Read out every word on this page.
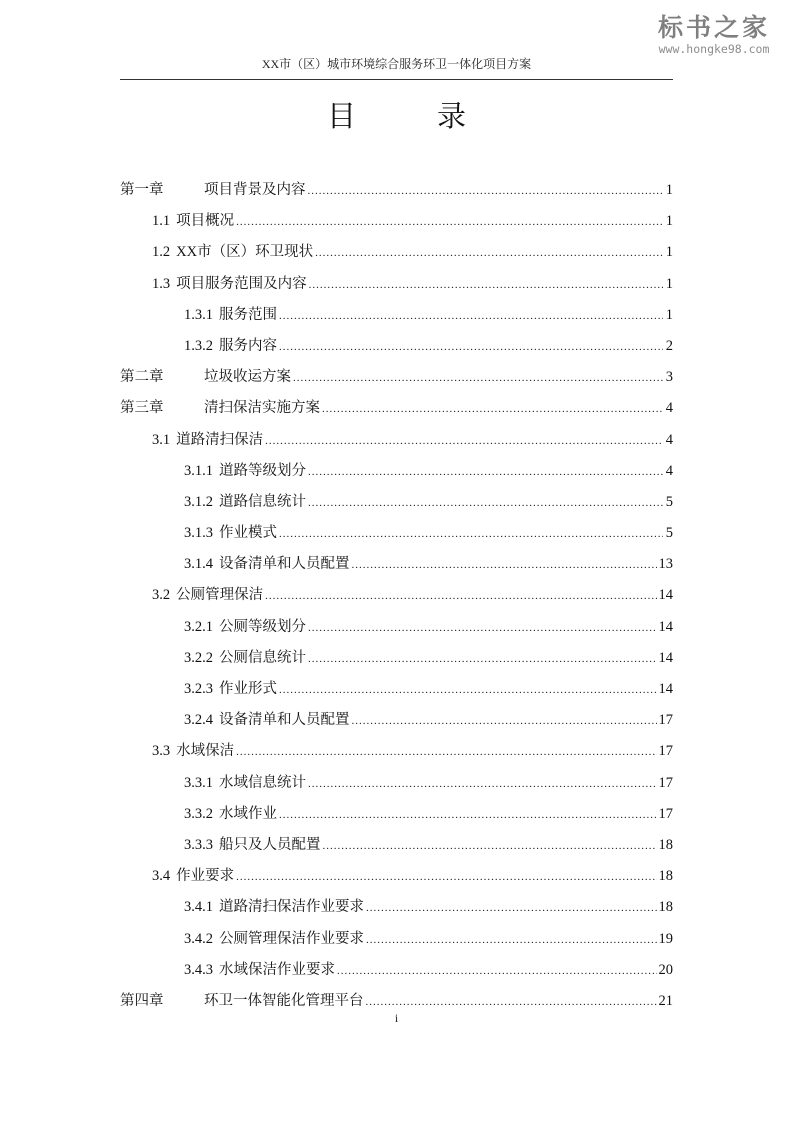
标书之家
www.hongke98.com
XX市（区）城市环境综合服务环卫一体化项目方案
目　录
第一章	项目背景及内容 .....	1
1.1 项目概况 .....	1
1.2 XX市（区）环卫现状 .....	1
1.3 项目服务范围及内容 .....	1
1.3.1 服务范围 .....	1
1.3.2 服务内容 .....	2
第二章	垃圾收运方案 .....	3
第三章	清扫保洁实施方案 .....	4
3.1 道路清扫保洁 .....	4
3.1.1 道路等级划分 .....	4
3.1.2 道路信息统计 .....	5
3.1.3 作业模式 .....	5
3.1.4 设备清单和人员配置 .....	13
3.2 公厕管理保洁 .....	14
3.2.1 公厕等级划分 .....	14
3.2.2 公厕信息统计 .....	14
3.2.3 作业形式 .....	14
3.2.4 设备清单和人员配置 .....	17
3.3 水域保洁 .....	17
3.3.1 水域信息统计 .....	17
3.3.2 水域作业 .....	17
3.3.3 船只及人员配置 .....	18
3.4 作业要求 .....	18
3.4.1 道路清扫保洁作业要求 .....	18
3.4.2 公厕管理保洁作业要求 .....	19
3.4.3 水域保洁作业要求 .....	20
第四章	环卫一体智能化管理平台 .....	21
i
